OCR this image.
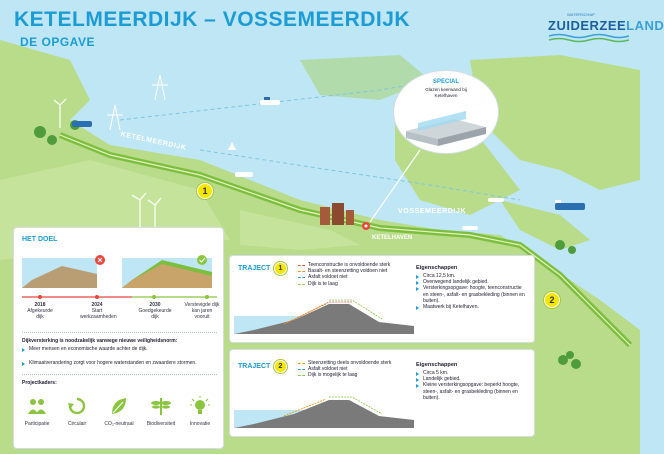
KETELMEERDIJK
VOSSEMEERDIJK
KETELHAVEN
1
2
KETELMEERDIJK – VOSSEMEERDIJK
DE OPGAVE
WATERSCHAP
ZUIDERZEELAND
SPECIAL
Glazen keerwand bij Ketelhaven
HET DOEL
2018
Afgekeurde dijk
2024
Start werkzaamheden
2030
Goedgekeurde dijk
Verstevigde dijk kan jaren vooruit
Dijkversterking is noodzakelijk vanwege nieuwe veiligheidsnorm:
Meer mensen en economische waarde achter de dijk.
Klimaatverandering zorgt voor hogere waterstanden en zwaardere stormen.
Projectkaders:
Participatie	Circulair	CO₂-neutraal	Biodiversiteit	Innovatie
TRAJECT	1	Teenconstructie is onvoldoende sterk
Basalt- en steenzetting voldoen niet
Asfalt voldoet niet
Dijk is te laag
Eigenschappen
Circa 12,5 km.
Overwegend landelijk gebied.
Versterkingsopgave: hoogte, teenconstructie en steen-, asfalt- en grasbekleding (binnen en buiten).
Maatwerk bij Ketelhaven.
TRAJECT	2	Steenzetting deels onvoldoende sterk
Asfalt voldoet niet
Dijk is mogelijk te laag
Eigenschappen
Circa 5 km.
Landelijk gebied.
Kleine versterkingsopgave: beperkt hoogte, steen-, asfalt- en grasbekleding (binnen en buiten).
